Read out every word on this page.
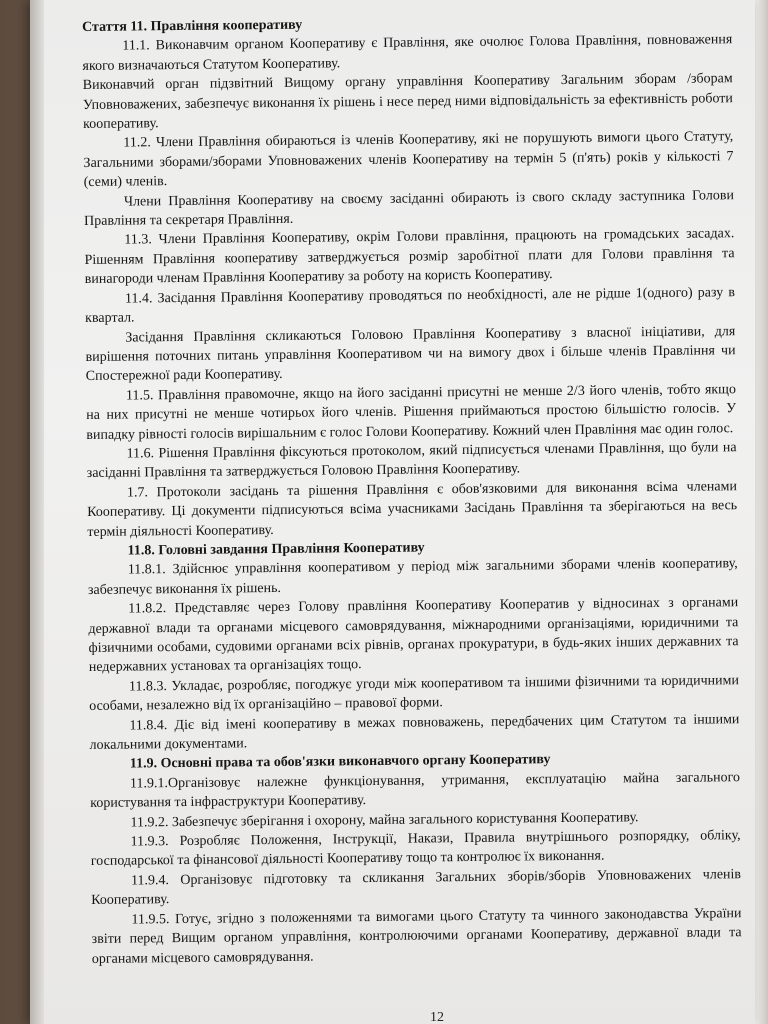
Стаття 11. Правління кооперативу

11.1. Виконавчим органом Кооперативу є Правління, яке очолює Голова Правління, повноваження якого визначаються Статутом Кооперативу.

Виконавчий орган підзвітний Вищому органу управління Кооперативу Загальним зборам /зборам Уповноважених, забезпечує виконання їх рішень і несе перед ними відповідальність за ефективність роботи кооперативу.

11.2. Члени Правління обираються із членів Кооперативу, які не порушують вимоги цього Статуту, Загальними зборами/зборами Уповноважених членів Кооперативу на термін 5 (п'ять) років у кількості 7 (семи) членів.

Члени Правління Кооперативу на своєму засіданні обирають із свого складу заступника Голови Правління та секретаря Правління.

11.3. Члени Правління Кооперативу, окрім Голови правління, працюють на громадських засадах. Рішенням Правління кооперативу затверджується розмір заробітної плати для Голови правління та винагороди членам Правління Кооперативу за роботу на користь Кооперативу.

11.4. Засідання Правління Кооперативу проводяться по необхідності, але не рідше 1(одного) разу в квартал.

Засідання Правління скликаються Головою Правління Кооперативу з власної ініціативи, для вирішення поточних питань управління Кооперативом чи на вимогу двох і більше членів Правління чи Спостережної ради Кооперативу.

11.5. Правління правомочне, якщо на його засіданні присутні не менше 2/3 його членів, тобто якщо на них присутні не менше чотирьох його членів. Рішення приймаються простою більшістю голосів. У випадку рівності голосів вирішальним є голос Голови Кооперативу. Кожний член Правління має один голос.

11.6. Рішення Правління фіксуються протоколом, який підписується членами Правління, що були на засіданні Правління та затверджується Головою Правління Кооперативу.

1.7. Протоколи засідань та рішення Правління є обов'язковими для виконання всіма членами Кооперативу. Ці документи підписуються всіма учасниками Засідань Правління та зберігаються на весь термін діяльності Кооперативу.

11.8. Головні завдання Правління Кооперативу

11.8.1. Здійснює управління кооперативом у період між загальними зборами членів кооперативу, забезпечує виконання їх рішень.

11.8.2. Представляє через Голову правління Кооперативу Кооператив у відносинах з органами державної влади та органами місцевого самоврядування, міжнародними організаціями, юридичними та фізичними особами, судовими органами всіх рівнів, органах прокуратури, в будь-яких інших державних та недержавних установах та організаціях тощо.

11.8.3. Укладає, розробляє, погоджує угоди між кооперативом та іншими фізичними та юридичними особами, незалежно від їх організаційно – правової форми.

11.8.4. Діє від імені кооперативу в межах повноважень, передбачених цим Статутом та іншими локальними документами.

11.9. Основні права та обов'язки виконавчого органу Кооперативу

11.9.1.Організовує належне функціонування, утримання, експлуатацію майна загального користування та інфраструктури Кооперативу.

11.9.2. Забезпечує зберігання і охорону, майна загального користування Кооперативу.

11.9.3. Розробляє Положення, Інструкції, Накази, Правила внутрішнього розпорядку, обліку, господарської та фінансової діяльності Кооперативу тощо та контролює їх виконання.

11.9.4. Організовує підготовку та скликання Загальних зборів/зборів Уповноважених членів Кооперативу.

11.9.5. Готує, згідно з положеннями та вимогами цього Статуту та чинного законодавства України звіти перед Вищим органом управління, контролюючими органами Кооперативу, державної влади та органами місцевого самоврядування.

12
